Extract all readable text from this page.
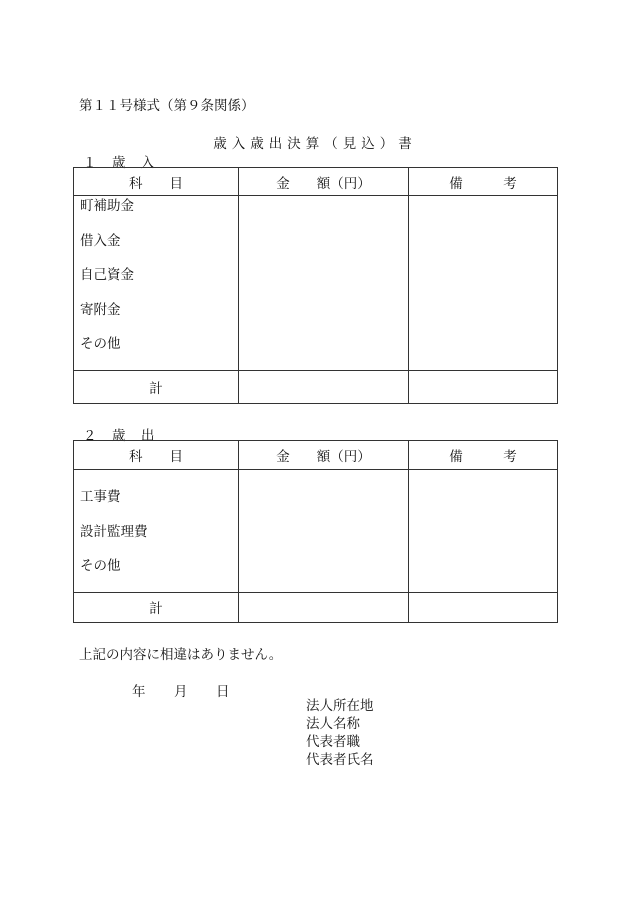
第１１号様式（第９条関係）
歳入歳出決算（見込）書
１　歳　入
科　　目	金　　額（円）	備　　　考

町補助金
借入金
自己資金
寄附金
その他		

計		
２　歳　出
科　　目	金　　額（円）	備　　　考

工事費
設計監理費
その他		

計		
上記の内容に相違はありません。
年 月 日
法人所在地
法人名称
代表者職
代表者氏名
